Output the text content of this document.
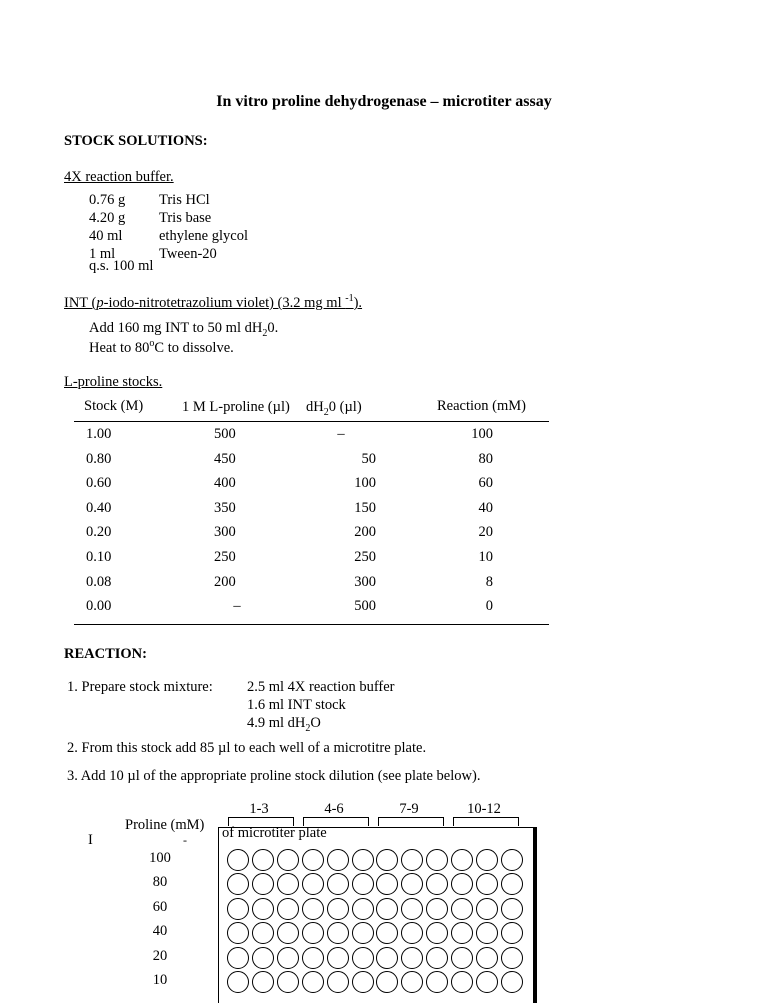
In vitro proline dehydrogenase – microtiter assay
STOCK SOLUTIONS:
4X reaction buffer.
0.76 g Tris HCl
4.20 g Tris base
40 ml	ethylene glycol
1 ml	Tween-20
q.s. 100 ml
INT (p-iodo-nitrotetrazolium violet) (3.2 mg ml $^{-1}$).
Add 160 mg INT to 50 ml $dH_20$.
Heat to 80$^o$C to dissolve.
L-proline stocks.
Stock (M)	1 M L-proline (µl) $dH_20$ (µl)	Reaction (mM)
1.00	500	–	100
0.80	450	50	80
0.60	400	100	60
0.40	350	150	40
0.20	300	200	20
0.10	250	250	10
0.08	200	300	8
0.00	–	500	0
REACTION:
1. Prepare stock mixture: 2.5 ml 4X reaction buffer
1.6 ml INT stock
4.9 ml $dH_2O$
2. From this stock add 85 µl to each well of a microtitre plate.
3. Add 10 µl of the appropriate proline stock dilution (see plate below).
1-3	4-6	7-9	10-12
I
Proline (mM)
- of microtiter plate
100
80
60
40
20
10
